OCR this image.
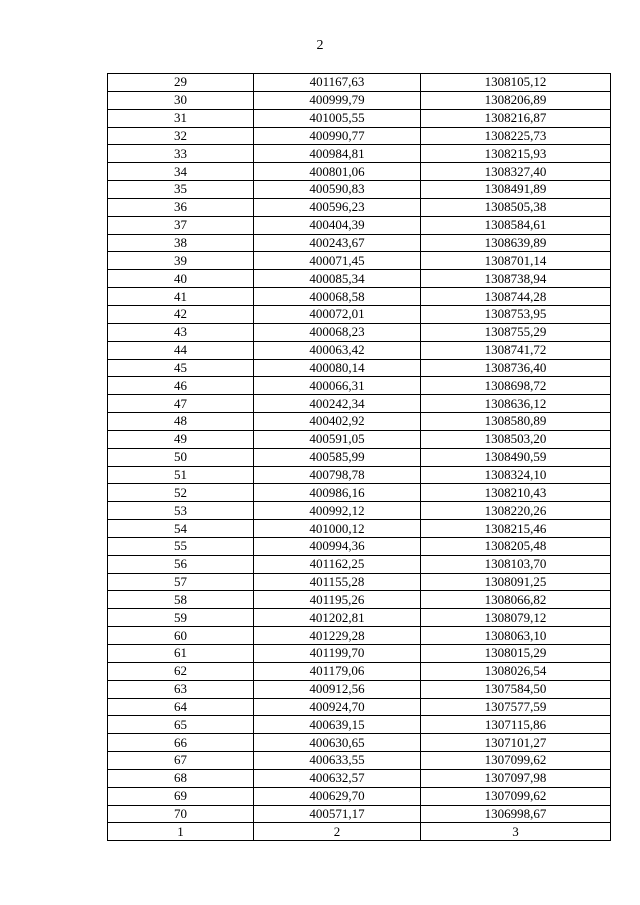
2
29	401167,63	1308105,12
30	400999,79	1308206,89
31	401005,55	1308216,87
32	400990,77	1308225,73
33	400984,81	1308215,93
34	400801,06	1308327,40
35	400590,83	1308491,89
36	400596,23	1308505,38
37	400404,39	1308584,61
38	400243,67	1308639,89
39	400071,45	1308701,14
40	400085,34	1308738,94
41	400068,58	1308744,28
42	400072,01	1308753,95
43	400068,23	1308755,29
44	400063,42	1308741,72
45	400080,14	1308736,40
46	400066,31	1308698,72
47	400242,34	1308636,12
48	400402,92	1308580,89
49	400591,05	1308503,20
50	400585,99	1308490,59
51	400798,78	1308324,10
52	400986,16	1308210,43
53	400992,12	1308220,26
54	401000,12	1308215,46
55	400994,36	1308205,48
56	401162,25	1308103,70
57	401155,28	1308091,25
58	401195,26	1308066,82
59	401202,81	1308079,12
60	401229,28	1308063,10
61	401199,70	1308015,29
62	401179,06	1308026,54
63	400912,56	1307584,50
64	400924,70	1307577,59
65	400639,15	1307115,86
66	400630,65	1307101,27
67	400633,55	1307099,62
68	400632,57	1307097,98
69	400629,70	1307099,62
70	400571,17	1306998,67
1	2	3
